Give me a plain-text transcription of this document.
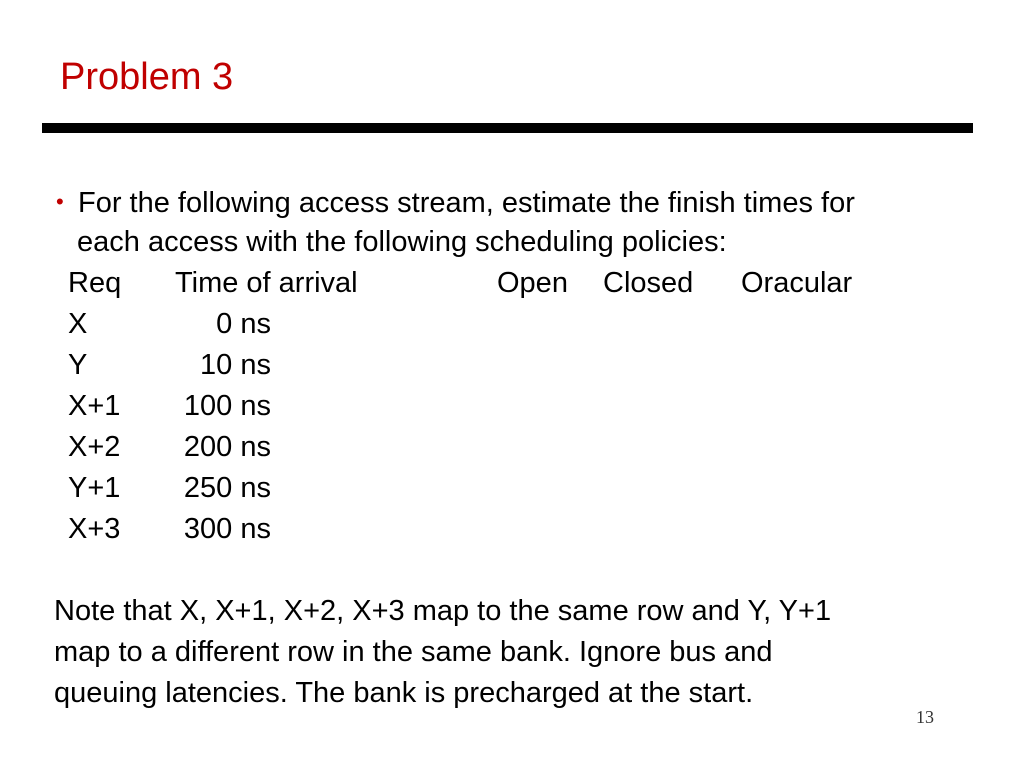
Problem 3
• For the following access stream, estimate the finish times for
each access with the following scheduling policies:
Req Time of arrival	Open Closed Oracular
X	0 ns
Y	10 ns
X+1 100 ns
X+2 200 ns
Y+1 250 ns
X+3 300 ns
Note that X, X+1, X+2, X+3 map to the same row and Y, Y+1
map to a different row in the same bank. Ignore bus and
queuing latencies. The bank is precharged at the start.
13
